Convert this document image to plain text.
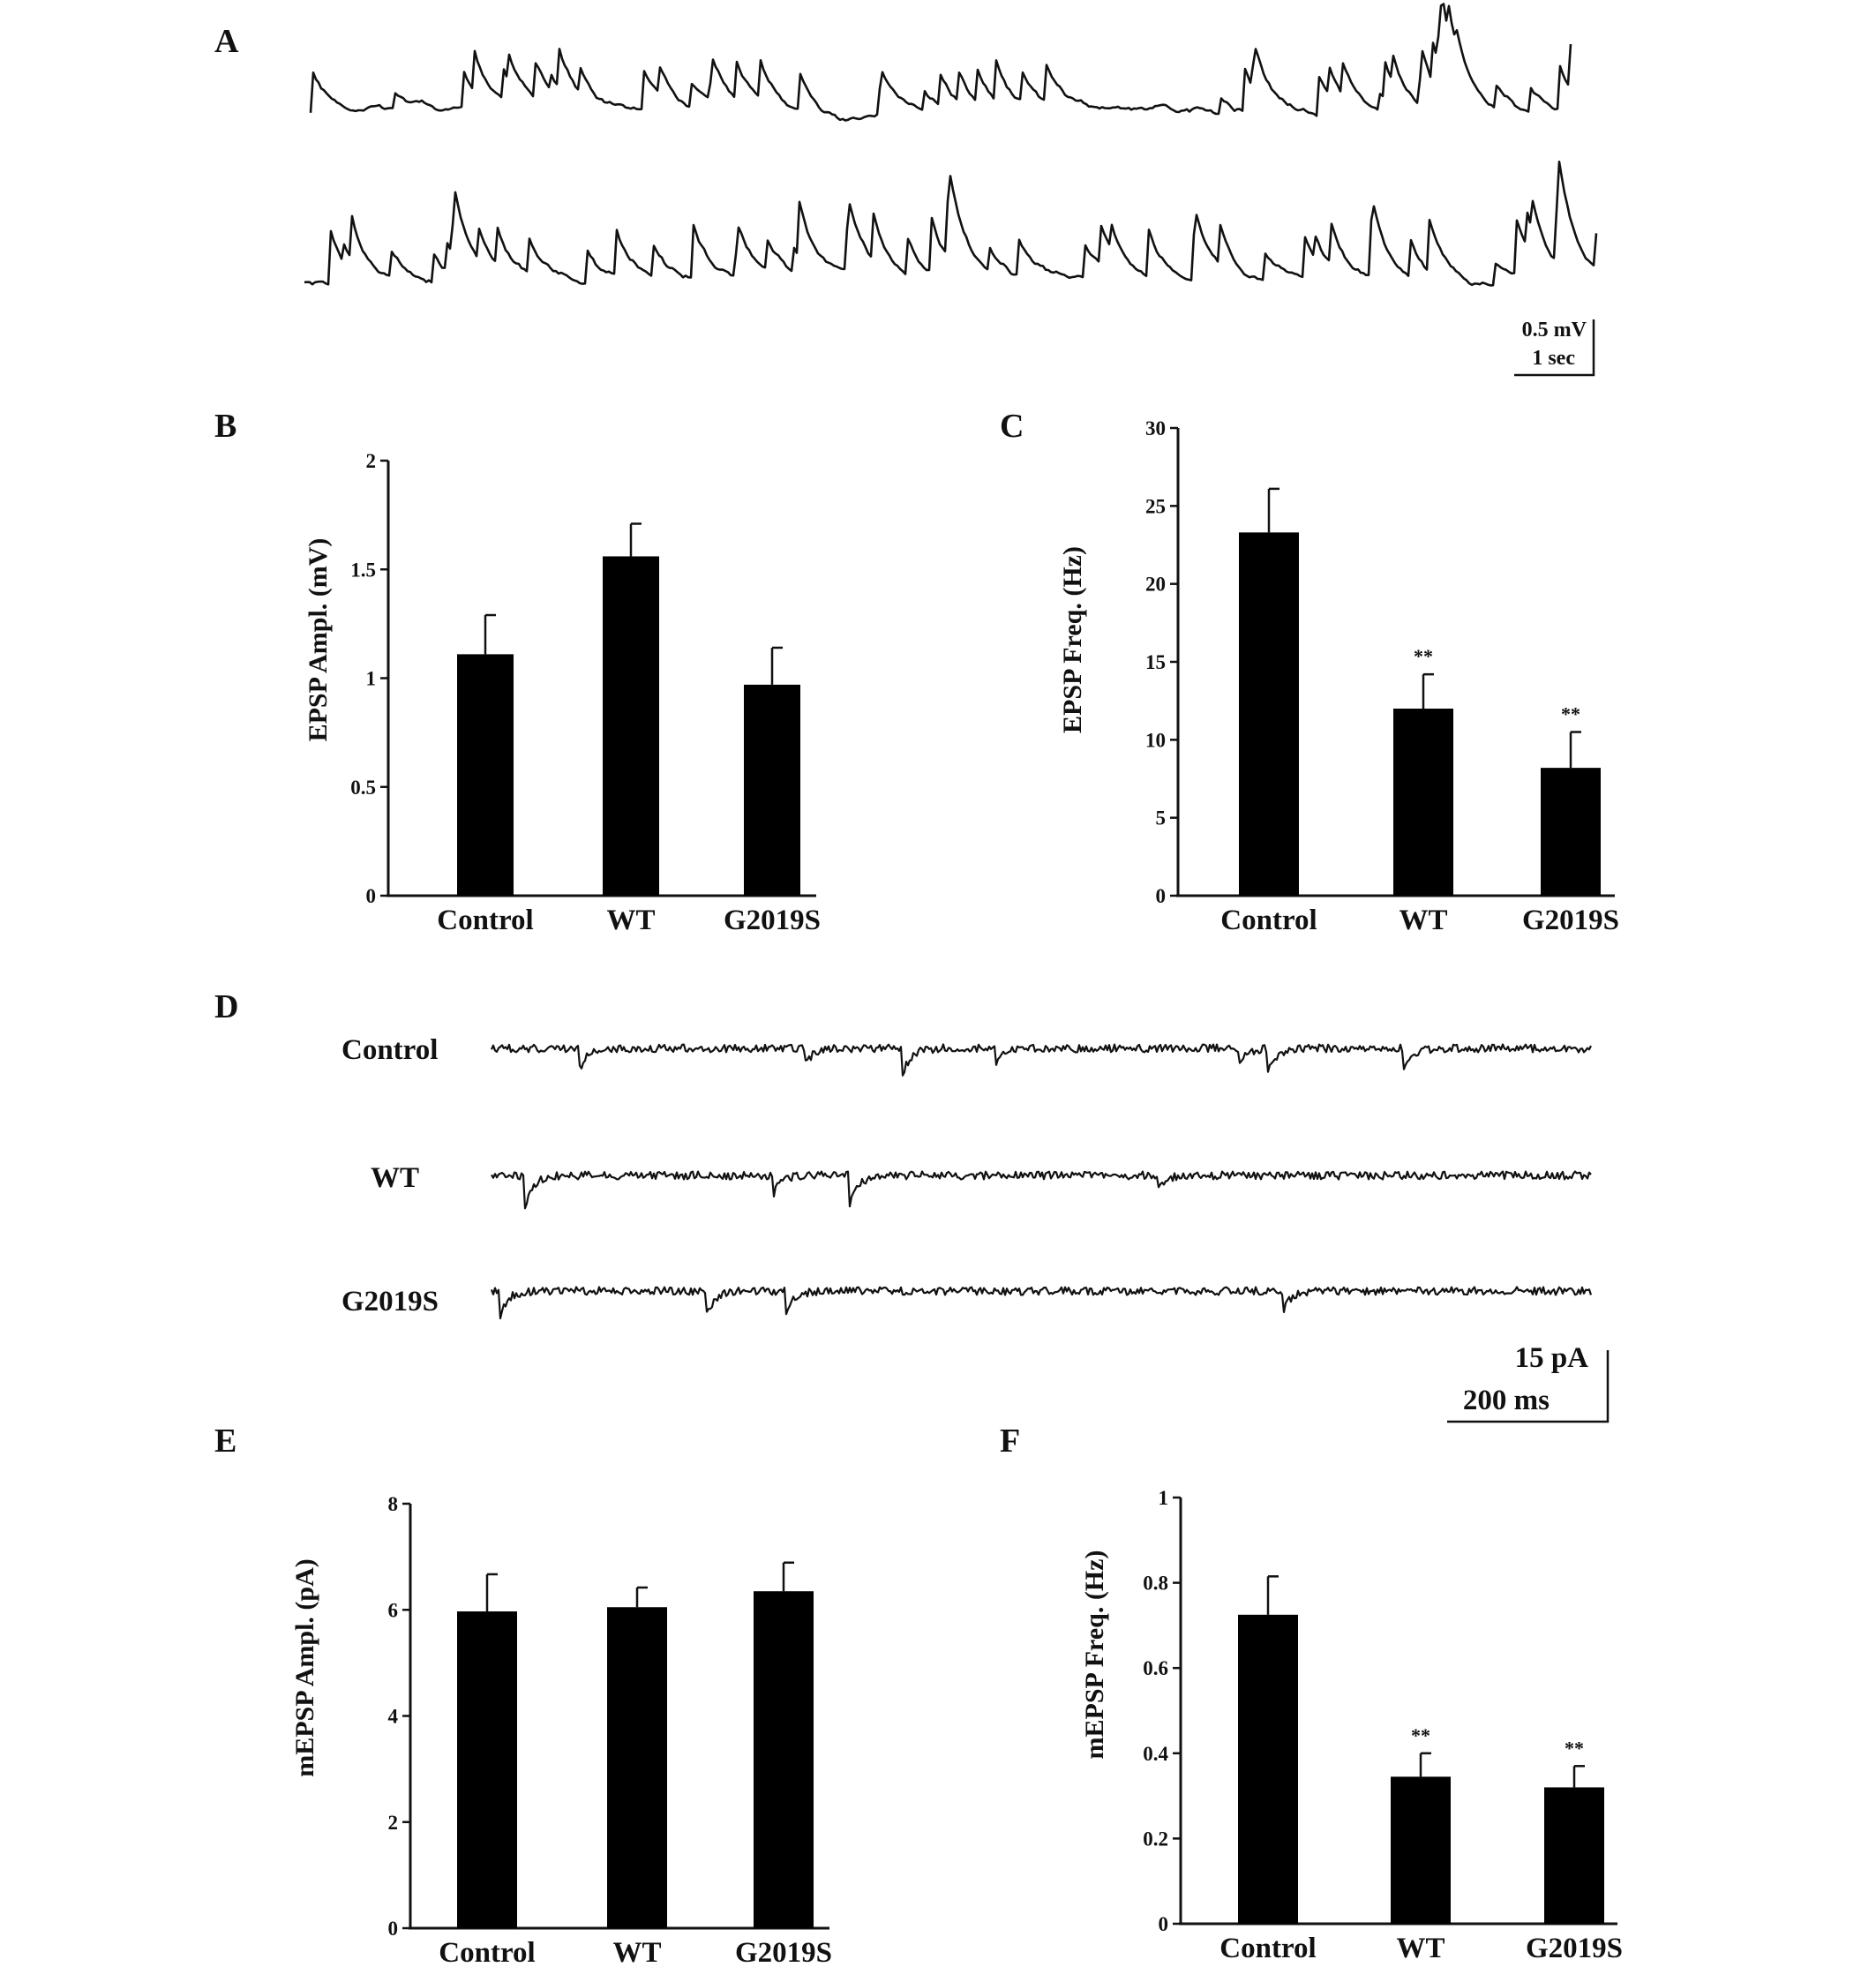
A
0.5 mV
1 sec
B
EPSP Ampl. (mV)
0
0.5
1
1.5
2
Control	WT G2019S
C
EPSP Freq. (Hz)
0
5
10
15
20
25
30
Control
**
WT
**
G2019S
D
Control
WT
G2019S
15 pA
200 ms
E
mEPSP Ampl. (pA)
0
2
4
6
8
Control	WT	G2019S
F
mEPSP Freq. (Hz)
0
0.2
0.4
0.6
0.8
1
Control
**
WT
**
G2019S
